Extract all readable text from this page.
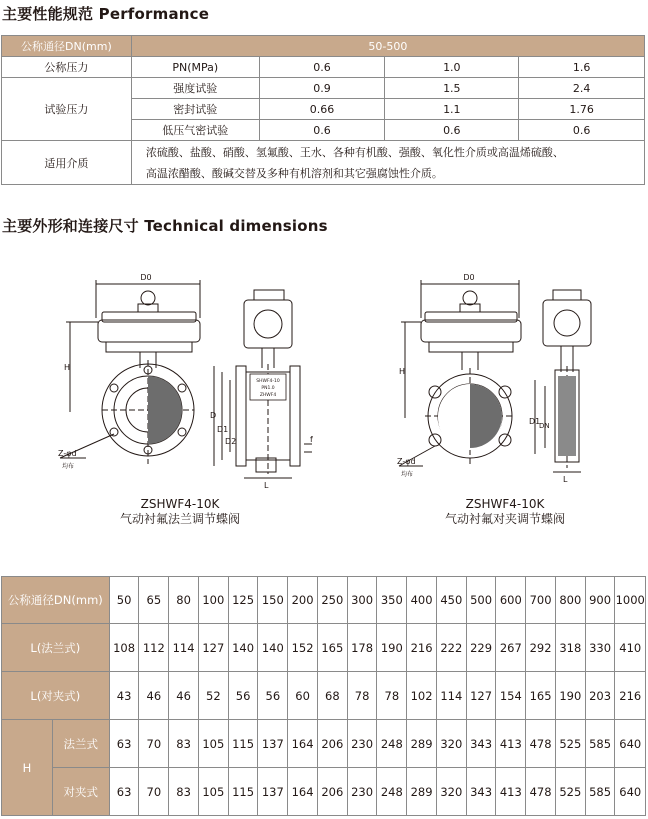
主要性能规范 Performance
公称通径DN(mm)	50-500			
公称压力	PN(MPa)	0.6	1.0	1.6
试验压力	强度试验	0.9	1.5	2.4
	密封试验	0.66	1.1	1.76
	低压气密试验	0.6	0.6	0.6
适用介质	浓硫酸、盐酸、硝酸、氢氟酸、王水、各种有机酸、强酸、氧化性介质或高温烯硫酸、
高温浓醋酸、酸碱交替及多种有机溶剂和其它强腐蚀性介质。			
主要外形和连接尺寸 Technical dimensions
SHWF4-10
PN1.0
ZHWF4
D0
H
D
D1
D2	f
L
Z-φd
均布
ZSHWF4-10K
气动衬氟法兰调节蝶阀
D0
H
D1
DN
L
Z-φd
均布
ZSHWF4-10K
气动衬氟对夹调节蝶阀
公称通径DN(mm)		50	65	80	100	125	150	200	250	300	350	400	450	500	600	700	800	900	1000
L(法兰式)		108	112	114	127	140	140	152	165	178	190	216	222	229	267	292	318	330	410
L(对夹式)		43	46	46	52	56	56	60	68	78	78	102	114	127	154	165	190	203	216
H	法兰式	63	70	83	105	115	137	164	206	230	248	289	320	343	413	478	525	585	640
	对夹式	63	70	83	105	115	137	164	206	230	248	289	320	343	413	478	525	585	640
